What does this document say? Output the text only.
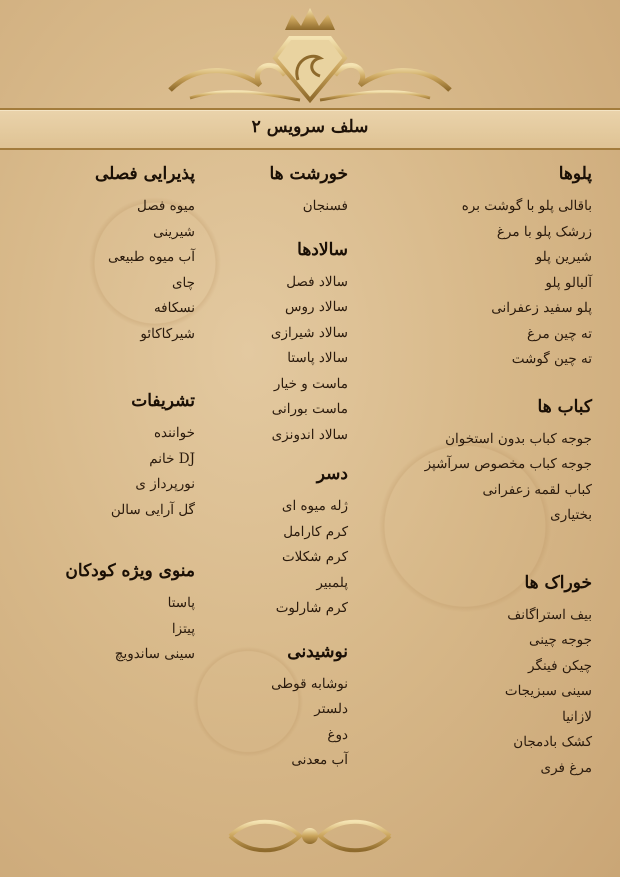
سلف سرویس ۲
پلوها

باقالی پلو با گوشت بره

زرشک پلو با مرغ

شیرین پلو

آلبالو پلو

پلو سفید زعفرانی

ته چین مرغ

ته چین گوشت

کباب ها

جوجه کباب بدون استخوان

جوجه کباب مخصوص سرآشپز

کباب لقمه زعفرانی

بختیاری

خوراک ها

بیف استراگانف

جوجه چینی

چیکن فینگر

سینی سبزیجات

لازانیا

کشک بادمجان

مرغ فری

خورشت ها

فسنجان

سالادها

سالاد فصل

سالاد روس

سالاد شیرازی

سالاد پاستا

ماست و خیار

ماست بورانی

سالاد اندونزی

دسر

ژله میوه ای

کرم کارامل

کرم شکلات

پلمبیر

کرم شارلوت

نوشیدنی

نوشابه قوطی

دلستر

دوغ

آب معدنی

پذیرایی فصلی

میوه فصل

شیرینی

آب میوه طبیعی

چای

نسکافه

شیرکاکائو

تشریفات

خواننده

DJ خانم

نورپرداز ی

گل آرایی سالن

منوی ویژه کودکان

پاستا

پیتزا

سینی ساندویچ
